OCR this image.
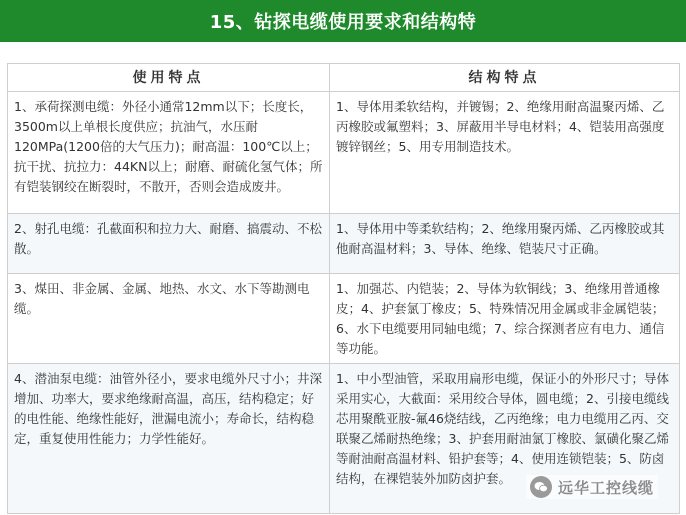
15、钻探电缆使用要求和结构特
使用特点	结构特点
1、承荷探测电缆：外径小通常12mm以下；长度长，3500m以上单根长度供应；抗油气，水压耐120MPa(1200倍的大气压力)；耐高温：100℃以上；抗干扰、抗拉力：44KN以上；耐磨、耐硫化氢气体；所有铠装钢绞在断裂时，不散开，否则会造成废井。	1、导体用柔软结构，并镀锡；2、绝缘用耐高温聚丙烯、乙丙橡胶或氟塑料；3、屏蔽用半导电材料；4、铠装用高强度镀锌钢丝；5、用专用制造技术。
2、射孔电缆：孔截面积和拉力大、耐磨、搞震动、不松散。	1、导体用中等柔软结构；2、绝缘用聚丙烯、乙丙橡胶或其他耐高温材料；3、导体、绝缘、铠装尺寸正确。
3、煤田、非金属、金属、地热、水文、水下等勘测电缆。	1、加强芯、内铠装；2、导体为软铜线；3、绝缘用普通橡皮；4、护套氯丁橡皮；5、特殊情况用金属或非金属铠装；6、水下电缆要用同轴电缆；7、综合探测者应有电力、通信等功能。
4、潜油泵电缆：油管外径小，要求电缆外尺寸小；井深增加、功率大，要求绝缘耐高温，高压，结构稳定；好的电性能、绝缘性能好，泄漏电流小；寿命长，结构稳定，重复使用性能力；力学性能好。	1、中小型油管，采取用扁形电缆，保证小的外形尺寸；导体采用实心，大截面：采用绞合导体，圆电缆；2、引接电缆线芯用聚酰亚胺-氟46烧结线，乙丙绝缘；电力电缆用乙丙、交联聚乙烯耐热绝缘；3、护套用耐油氯丁橡胶、氯磺化聚乙烯等耐油耐高温材料、铅护套等；4、使用连锁铠装；5、防卤结构，在裸铠装外加防卤护套。	远华工控线缆
